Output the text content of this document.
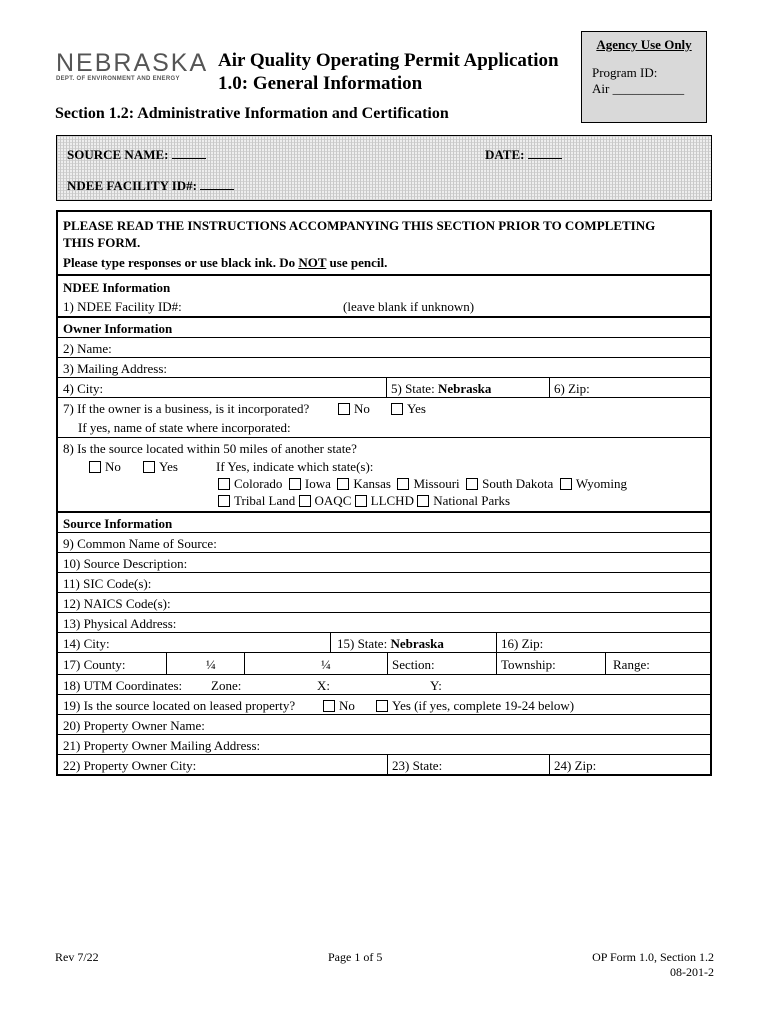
NEBRASKA
DEPT. OF ENVIRONMENT AND ENERGY
Air Quality Operating Permit Application
1.0: General Information
Agency Use Only
Program ID:
Air ___________
Section 1.2: Administrative Information and Certification
SOURCE NAME:	DATE:
NDEE FACILITY ID#:
PLEASE READ THE INSTRUCTIONS ACCOMPANYING THIS SECTION PRIOR TO COMPLETING
THIS FORM.
Please type responses or use black ink. Do NOT use pencil.
NDEE Information
1) NDEE Facility ID#:	(leave blank if unknown)
Owner Information
2) Name:
3) Mailing Address:
4) City:	5) State: Nebraska	6) Zip:
7) If the owner is a business, is it incorporated?	No	Yes
If yes, name of state where incorporated:
8) Is the source located within 50 miles of another state?
No	Yes	If Yes, indicate which state(s):
Colorado Iowa Kansas Missouri South Dakota Wyoming
Tribal Land OAQC LLCHD National Parks
Source Information
9) Common Name of Source:
10) Source Description:
11) SIC Code(s):
12) NAICS Code(s):
13) Physical Address:
14) City:	15) State: Nebraska	16) Zip:
17) County:	¼	¼	Section:	Township:	Range:
18) UTM Coordinates: Zone:	X:	Y:
19) Is the source located on leased property?	No	Yes (if yes, complete 19-24 below)
20) Property Owner Name:
21) Property Owner Mailing Address:
22) Property Owner City:	23) State:	24) Zip:
Rev 7/22	Page 1 of 5	OP Form 1.0, Section 1.2
08-201-2
